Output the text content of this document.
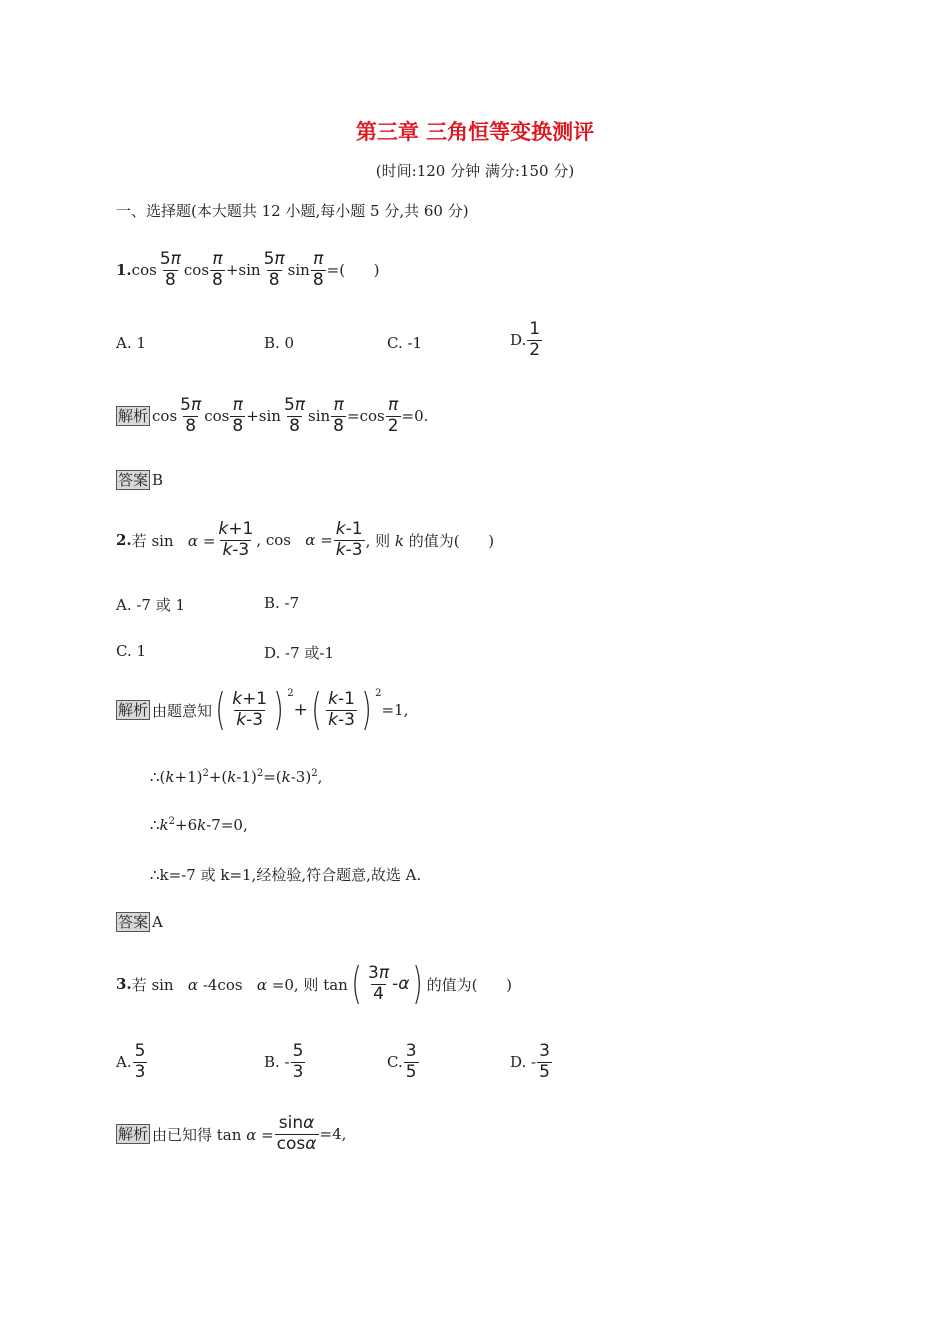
第三章 三角恒等变换测评
(时间:120 分钟 满分:150 分)
一、选择题(本大题共 12 小题,每小题 5 分,共 60 分)
1. $\cos \frac{5\pi}{8}$ $\cos \frac{\pi}{8} +\sin \frac{5\pi}{8}$ $\sin \frac{\pi}{8}$ =(      )
A. 1	B. 0	C. -1	D. $\frac{1}{2}$
解析 $\cos \frac{5\pi}{8}$ $\cos \frac{\pi}{8} +\sin \frac{5\pi}{8}$ $\sin \frac{\pi}{8} =\cos \frac{\pi}{2} =0$.
答案 B
2. 若 $\sin \alpha = \frac{k+1}{k-3}$ , $\cos \alpha = \frac{k-1}{k-3}$ , 则 k 的值为(      )
A. -7 或 1	B. -7
C. 1	D. -7 或-1
解析 由题意知 ( $\frac{k+1}{k-3}$ ) 2
+ ( $\frac{k-1}{k-3}$ ) 2
=1,
$\therefore(k+1)^2+(k-1)^2=(k-3)^2$,
$\therefore k^2+6k-7=0$,
∴k=-7 或 k=1,经检验,符合题意,故选 A.
答案 A
3. 若 sin   α -4cos   α =0, 则 tan ( $\frac{3\pi}{4} -\alpha$ ) 的值为(      )
A. $\frac{5}{3}$	B. - $\frac{5}{3}$	C. $\frac{3}{5}$	D. - $\frac{3}{5}$
解析 由已知得 $\tan \alpha = \frac{\sin\alpha}{\cos\alpha} =4$,
